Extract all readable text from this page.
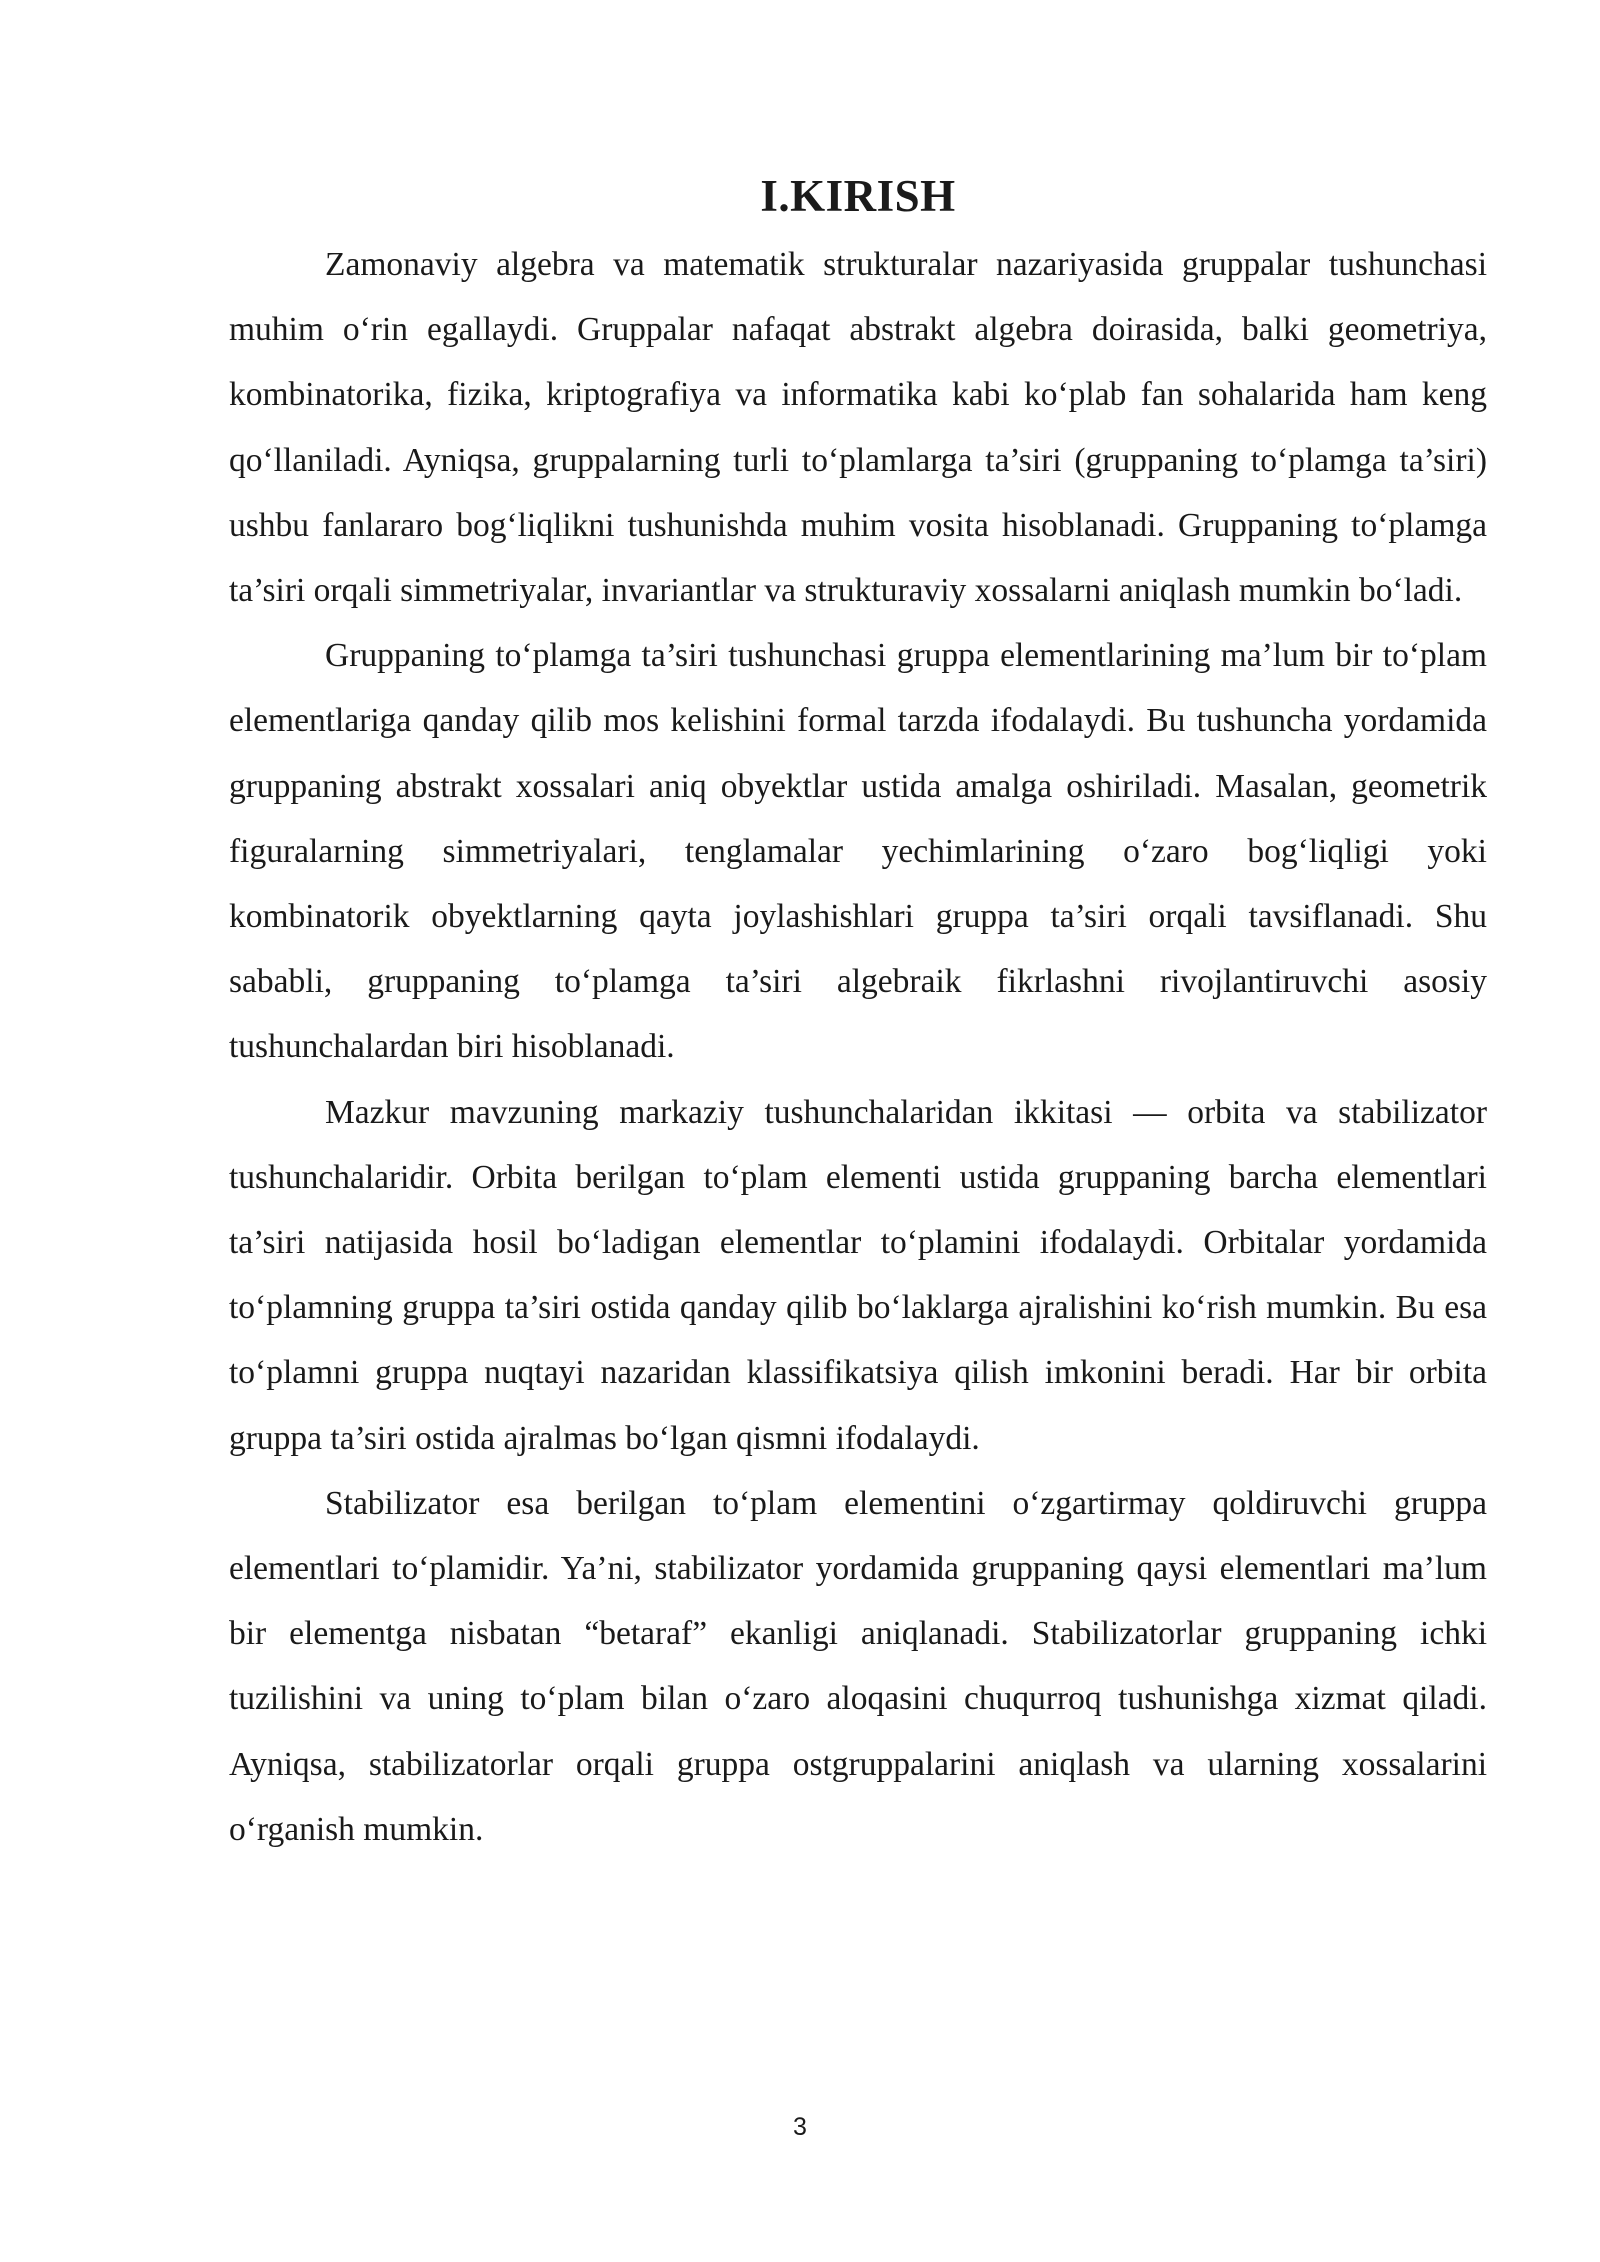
I.KIRISH

Zamonaviy algebra va matematik strukturalar nazariyasida gruppalar tushunchasi muhim o‘rin egallaydi. Gruppalar nafaqat abstrakt algebra doirasida, balki geometriya, kombinatorika, fizika, kriptografiya va informatika kabi ko‘plab fan sohalarida ham keng qo‘llaniladi. Ayniqsa, gruppalarning turli to‘plamlarga ta’siri (gruppaning to‘plamga ta’siri) ushbu fanlararo bog‘liqlikni tushunishda muhim vosita hisoblanadi. Gruppaning to‘plamga ta’siri orqali simmetriyalar, invariantlar va strukturaviy xossalarni aniqlash mumkin bo‘ladi.

Gruppaning to‘plamga ta’siri tushunchasi gruppa elementlarining ma’lum bir to‘plam elementlariga qanday qilib mos kelishini formal tarzda ifodalaydi. Bu tushuncha yordamida gruppaning abstrakt xossalari aniq obyektlar ustida amalga oshiriladi. Masalan, geometrik figuralarning simmetriyalari, tenglamalar yechimlarining o‘zaro bog‘liqligi yoki kombinatorik obyektlarning qayta joylashishlari gruppa ta’siri orqali tavsiflanadi. Shu sababli, gruppaning to‘plamga ta’siri algebraik fikrlashni rivojlantiruvchi asosiy tushunchalardan biri hisoblanadi.

Mazkur mavzuning markaziy tushunchalaridan ikkitasi — orbita va stabilizator tushunchalaridir. Orbita berilgan to‘plam elementi ustida gruppaning barcha elementlari ta’siri natijasida hosil bo‘ladigan elementlar to‘plamini ifodalaydi. Orbitalar yordamida to‘plamning gruppa ta’siri ostida qanday qilib bo‘laklarga ajralishini ko‘rish mumkin. Bu esa to‘plamni gruppa nuqtayi nazaridan klassifikatsiya qilish imkonini beradi. Har bir orbita gruppa ta’siri ostida ajralmas bo‘lgan qismni ifodalaydi.

Stabilizator esa berilgan to‘plam elementini o‘zgartirmay qoldiruvchi gruppa elementlari to‘plamidir. Ya’ni, stabilizator yordamida gruppaning qaysi elementlari ma’lum bir elementga nisbatan “betaraf” ekanligi aniqlanadi. Stabilizatorlar gruppaning ichki tuzilishini va uning to‘plam bilan o‘zaro aloqasini chuqurroq tushunishga xizmat qiladi. Ayniqsa, stabilizatorlar orqali gruppa ostgruppalarini aniqlash va ularning xossalarini o‘rganish mumkin.

3
